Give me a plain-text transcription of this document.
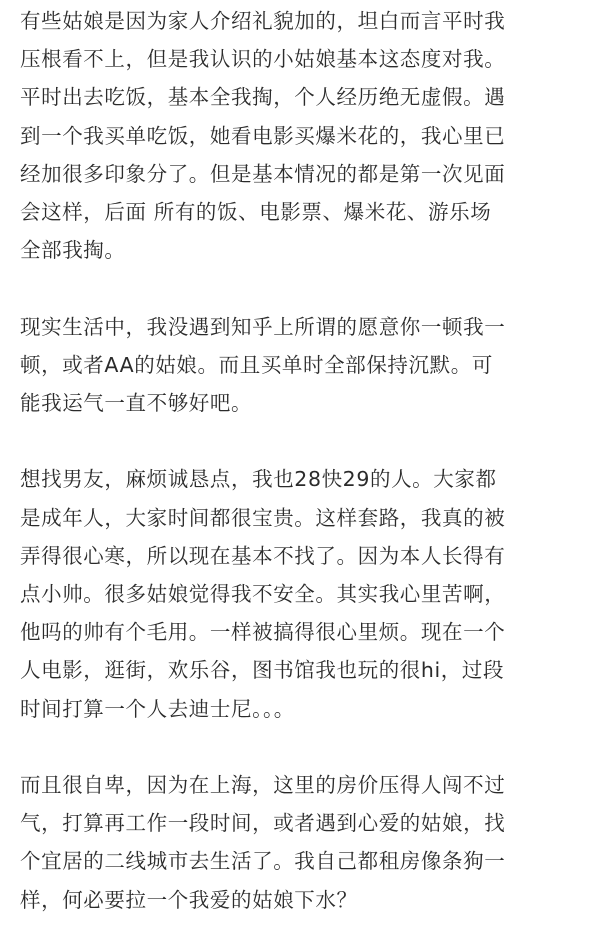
有些姑娘是因为家人介绍礼貌加的，坦白而言平时我
压根看不上，但是我认识的小姑娘基本这态度对我。
平时出去吃饭，基本全我掏，个人经历绝无虚假。遇
到一个我买单吃饭，她看电影买爆米花的，我心里已
经加很多印象分了。但是基本情况的都是第一次见面
会这样，后面 所有的饭、电影票、爆米花、游乐场
全部我掏。

现实生活中，我没遇到知乎上所谓的愿意你一顿我一
顿，或者AA的姑娘。而且买单时全部保持沉默。可
能我运气一直不够好吧。

想找男友，麻烦诚恳点，我也28快29的人。大家都
是成年人，大家时间都很宝贵。这样套路，我真的被
弄得很心寒，所以现在基本不找了。因为本人长得有
点小帅。很多姑娘觉得我不安全。其实我心里苦啊，
他吗的帅有个毛用。一样被搞得很心里烦。现在一个
人电影，逛街，欢乐谷，图书馆我也玩的很hi，过段
时间打算一个人去迪士尼。。。

而且很自卑，因为在上海，这里的房价压得人闯不过
气，打算再工作一段时间，或者遇到心爱的姑娘，找
个宜居的二线城市去生活了。我自己都租房像条狗一
样，何必要拉一个我爱的姑娘下水？
